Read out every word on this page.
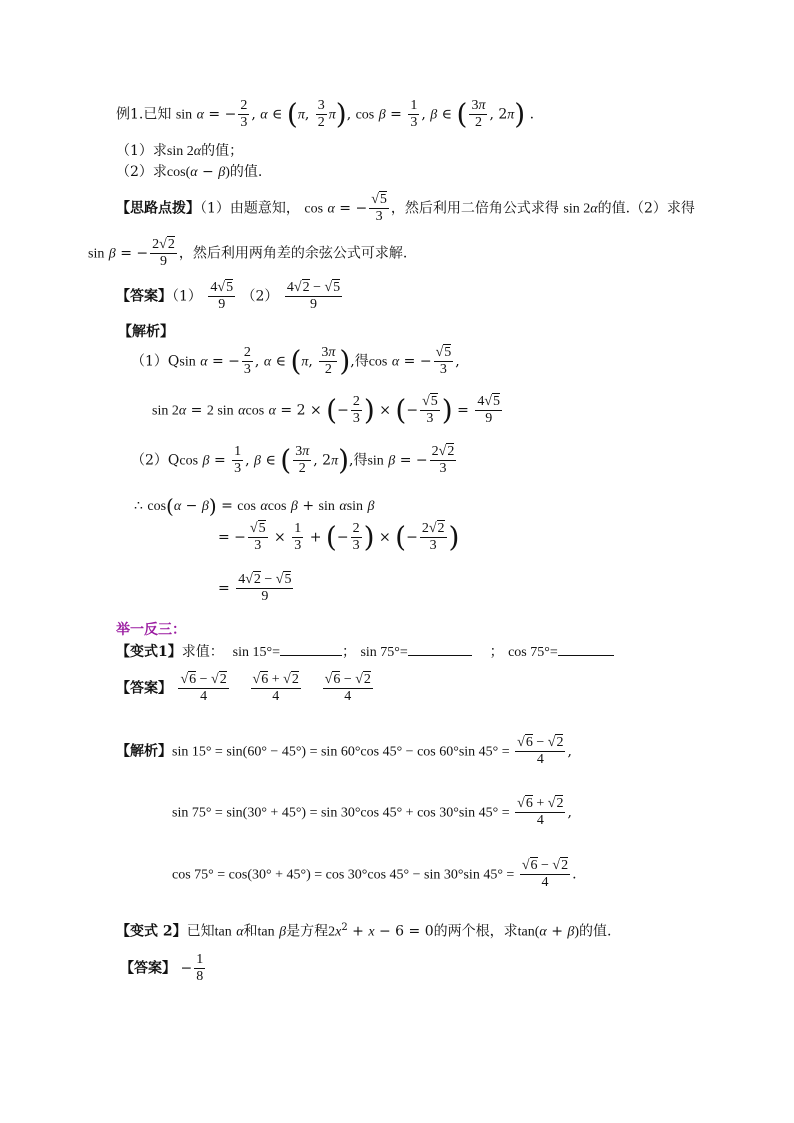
例1.已知 sin α = − $\frac{2}{3}$ , α ∈ (π, $\frac{3}{2} \pi$), $\cos \beta = \frac{1}{3}$ , β ∈ ( $\frac{3\pi}{2}$ , 2π) .
（1）求sin 2α的值；
（2）求cos(α − β)的值.
【思路点拨】（1）由题意知， cos α = − $\frac{√5}{3}$ ，然后利用二倍角公式求得 sin 2α的值.（2）求得
sin β = − $\frac{2√2}{9}$ ，然后利用两角差的余弦公式可求解.
【答案】$(1) \frac{4√5}{9} (2) \frac{4√2 - √5}{9}$
【解析】
（1）Qsin α = − $\frac{2}{3}$ , α ∈ (π, $\frac{3\pi}{2}$ ),得cos α = − $\frac{√5}{3}$ ,
sin 2α = 2 sin αcos α = 2 × (− $\frac{2}{3}$ ) × (− $\frac{√5}{3}$ ) = $\frac{4√5}{9}$
（2）Qcos $\beta = \frac{1}{3}$ , β ∈ ( $\frac{3\pi}{2}$ , 2π),得sin β = − $\frac{2√2}{3}$
∴ cos(α − β) = cos αcos β + sin αsin β
= − $\frac{√5}{3} \times \frac{1}{3}$ + (− $\frac{2}{3}$ ) × (− $\frac{2√2}{3}$ )
= $\frac{4√2 - √5}{9}$
举一反三：
【变式1】求值： sin 15°=	； sin 75°=	； cos 75°=
【答案】 $\frac{√6 - √2}{4}$
$\frac{√6 + √2}{4}$
$\frac{√6 - √2}{4}$
【解析】sin 15° = sin(60° − 45°) = sin 60°cos 45° − cos 60°sin $45^\circ = \frac{√6 - √2}{4}$ ,
sin 75° = sin(30° + 45°) = sin 30°cos 45° + cos 30°sin $45^\circ = \frac{√6 + √2}{4}$ ,
cos 75° = cos(30° + 45°) = cos 30°cos 45° − sin 30°sin $45^\circ = \frac{√6 - √2}{4}$ .
【变式 2】已知tan α和tan β是方程$2x^2 + x - 6 = 0$的两个根，求tan(α + β)的值.
【答案】 − $\frac{1}{8}$
